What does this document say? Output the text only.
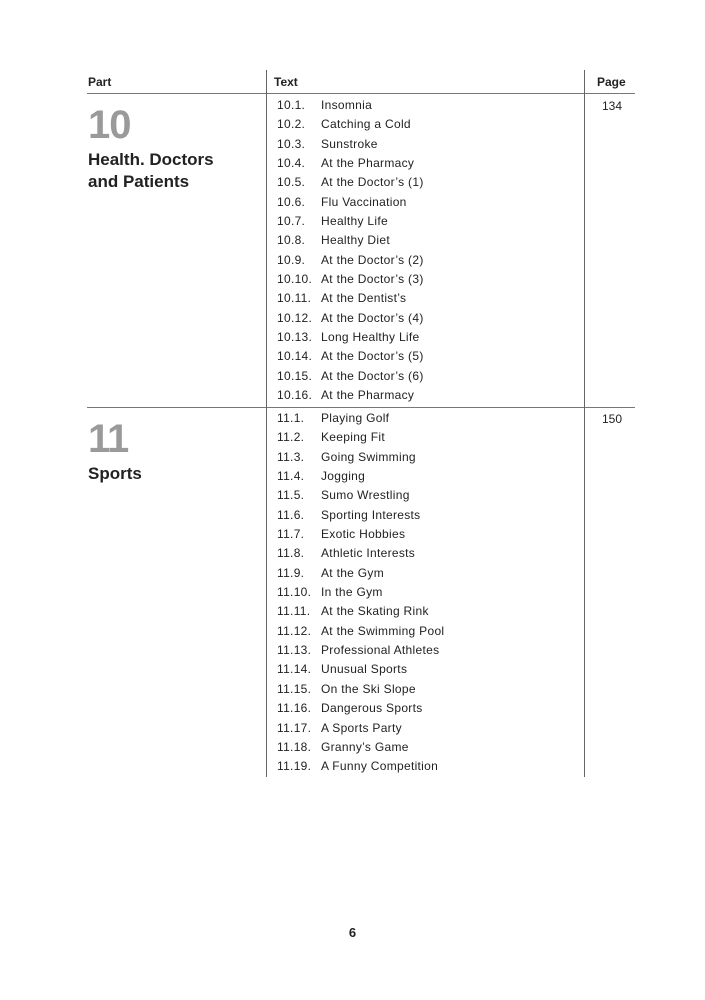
Part	Text	Page
10
Health. Doctors
and Patients
134
10.1. Insomnia
10.2. Catching a Cold
10.3. Sunstroke
10.4. At the Pharmacy
10.5. At the Doctor’s (1)
10.6. Flu Vaccination
10.7. Healthy Life
10.8. Healthy Diet
10.9. At the Doctor’s (2)
10.10. At the Doctor’s (3)
10.11. At the Dentist’s
10.12. At the Doctor’s (4)
10.13. Long Healthy Life
10.14. At the Doctor’s (5)
10.15. At the Doctor’s (6)
10.16. At the Pharmacy
11
Sports
150
11.1. Playing Golf
11.2. Keeping Fit
11.3. Going Swimming
11.4. Jogging
11.5. Sumo Wrestling
11.6. Sporting Interests
11.7. Exotic Hobbies
11.8. Athletic Interests
11.9. At the Gym
11.10. In the Gym
11.11. At the Skating Rink
11.12. At the Swimming Pool
11.13. Professional Athletes
11.14. Unusual Sports
11.15. On the Ski Slope
11.16. Dangerous Sports
11.17. A Sports Party
11.18. Granny’s Game
11.19. A Funny Competition
6
